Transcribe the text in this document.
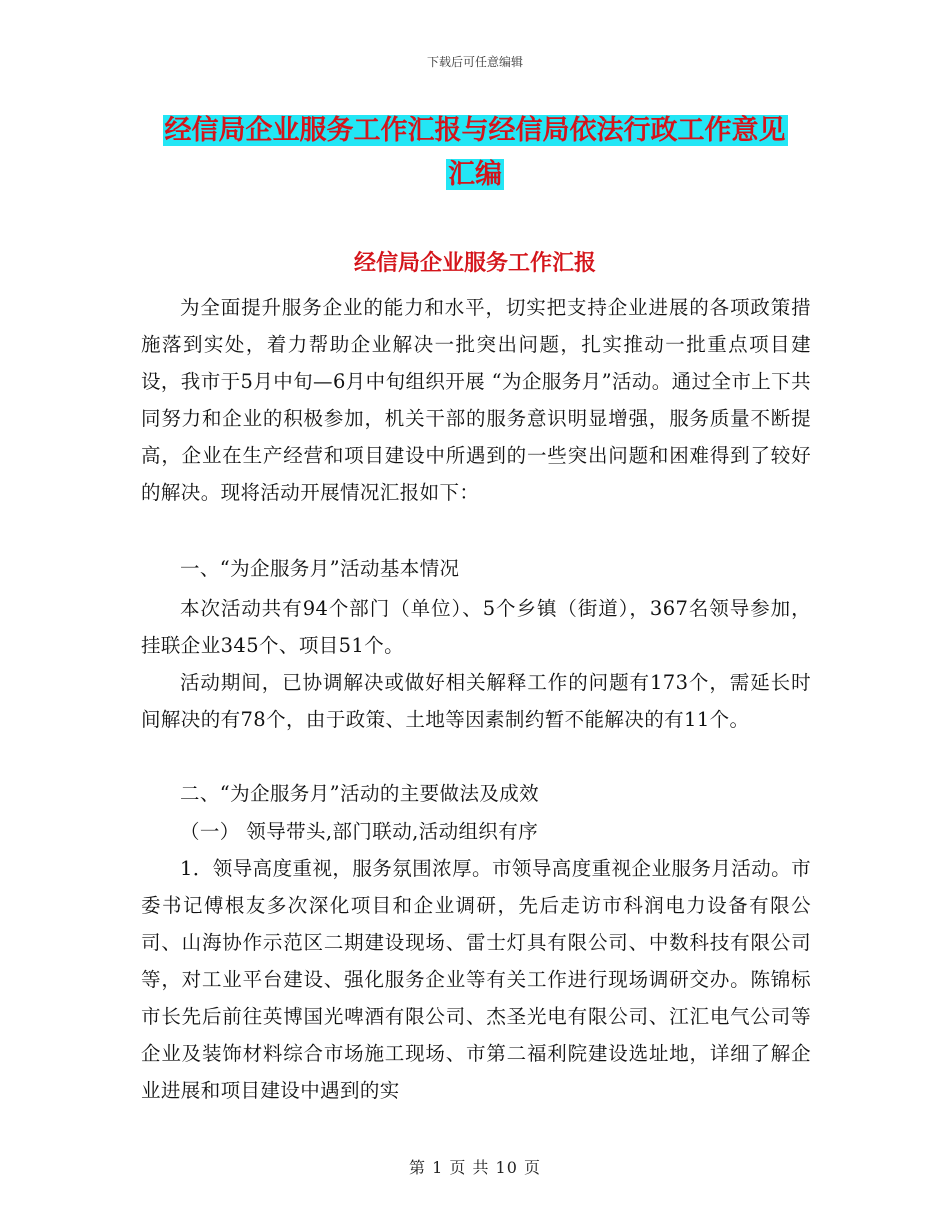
下载后可任意编辑
经信局企业服务工作汇报与经信局依法行政工作意见
汇编
经信局企业服务工作汇报

为全面提升服务企业的能力和水平，切实把支持企业进展的各项政策措施落到实处，着力帮助企业解决一批突出问题，扎实推动一批重点项目建设，我市于5月中旬—6月中旬组织开展 “为企服务月”活动。通过全市上下共同努力和企业的积极参加，机关干部的服务意识明显增强，服务质量不断提高，企业在生产经营和项目建设中所遇到的一些突出问题和困难得到了较好的解决。现将活动开展情况汇报如下：

一、“为企服务月”活动基本情况

本次活动共有94个部门（单位）、5个乡镇（街道），367名领导参加，挂联企业345个、项目51个。

活动期间，已协调解决或做好相关解释工作的问题有173个，需延长时间解决的有78个，由于政策、土地等因素制约暂不能解决的有11个。

二、“为企服务月”活动的主要做法及成效

（一） 领导带头,部门联动,活动组织有序

1．领导高度重视，服务氛围浓厚。市领导高度重视企业服务月活动。市委书记傅根友多次深化项目和企业调研，先后走访市科润电力设备有限公司、山海协作示范区二期建设现场、雷士灯具有限公司、中数科技有限公司等，对工业平台建设、强化服务企业等有关工作进行现场调研交办。陈锦标市长先后前往英博国光啤酒有限公司、杰圣光电有限公司、江汇电气公司等企业及装饰材料综合市场施工现场、市第二福利院建设选址地，详细了解企业进展和项目建设中遇到的实

第 1 页 共 10 页
